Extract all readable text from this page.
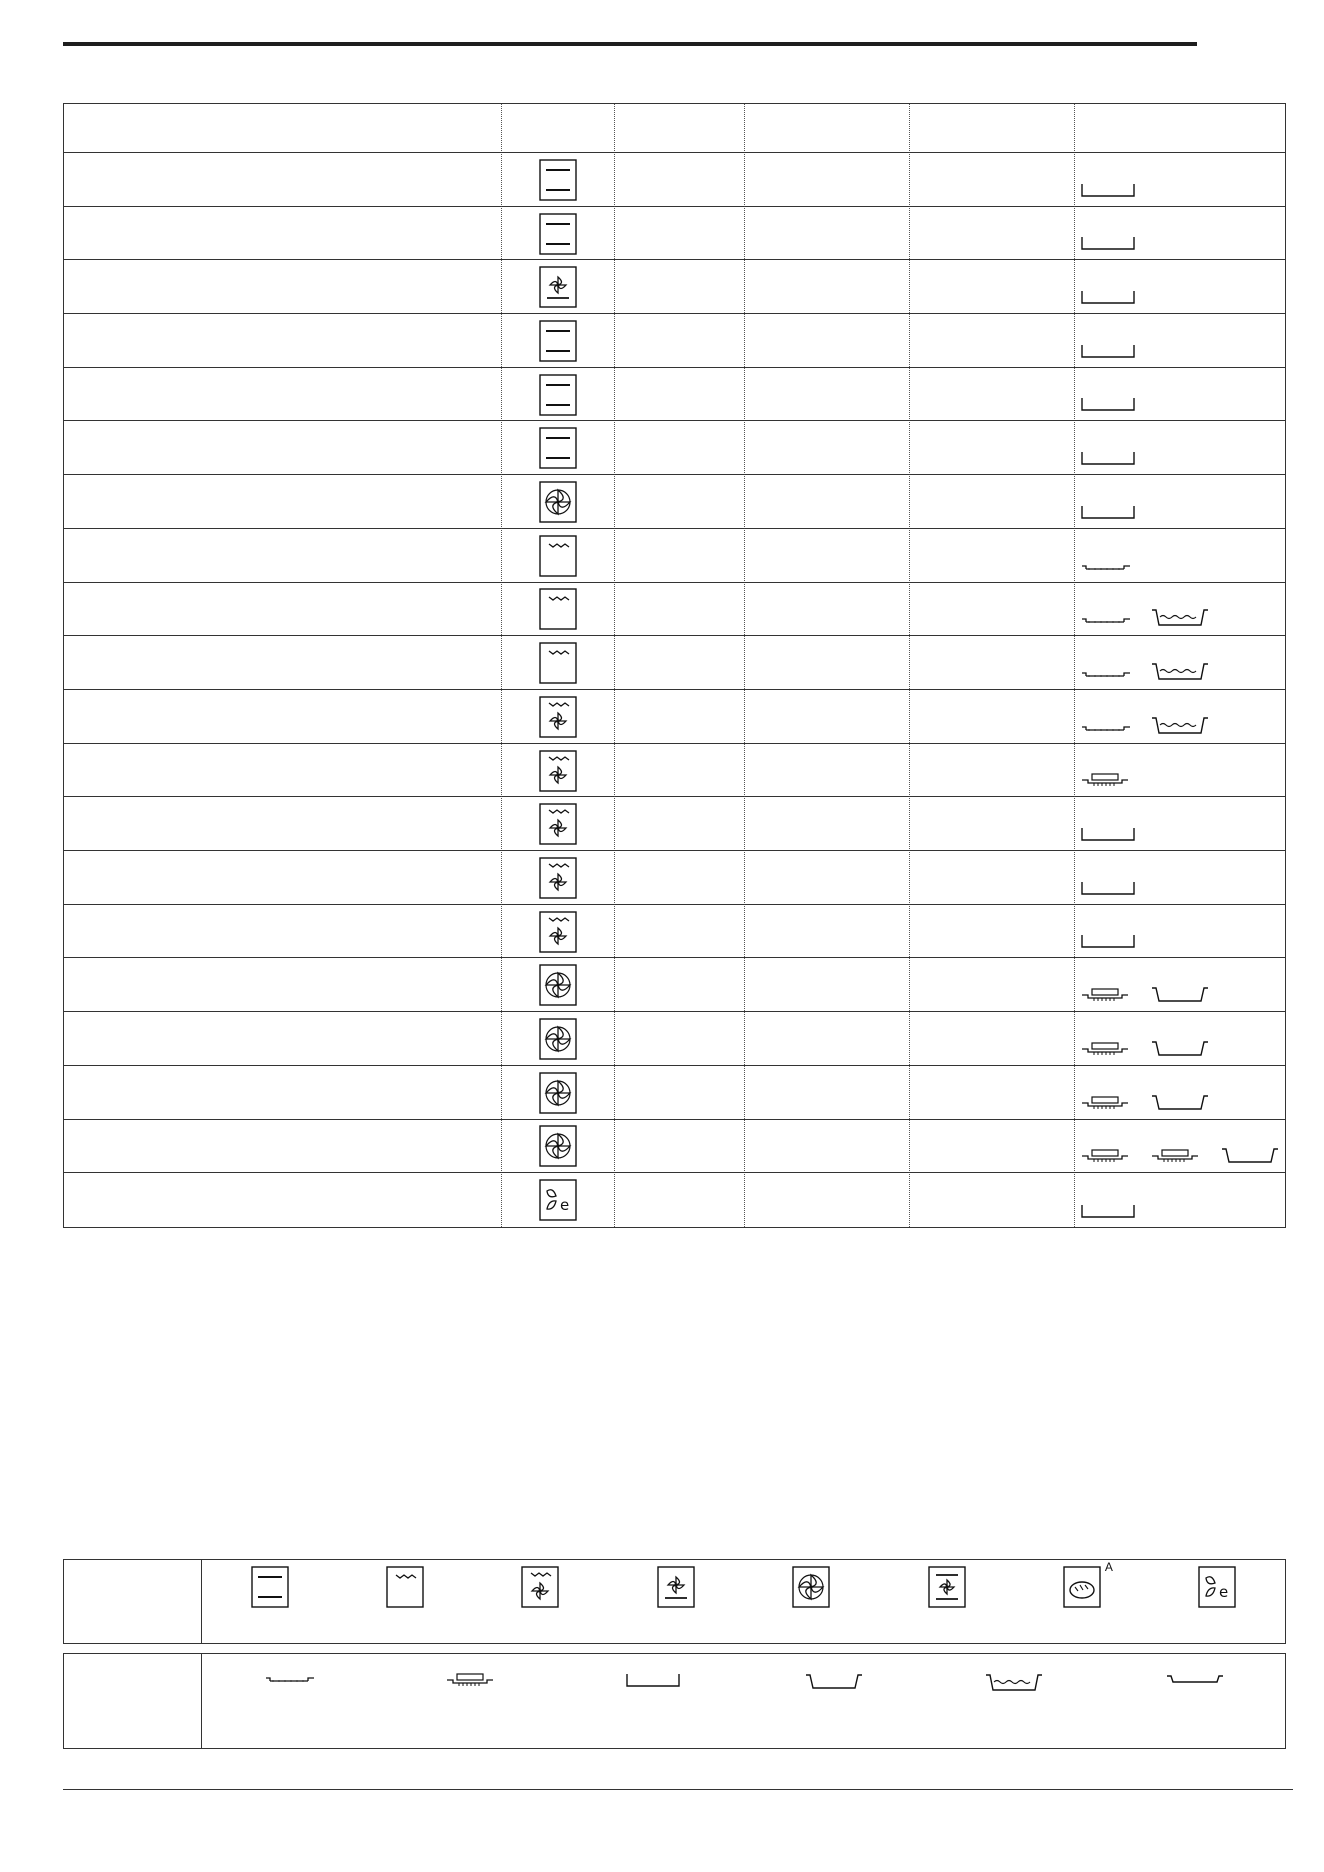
e
A
e
